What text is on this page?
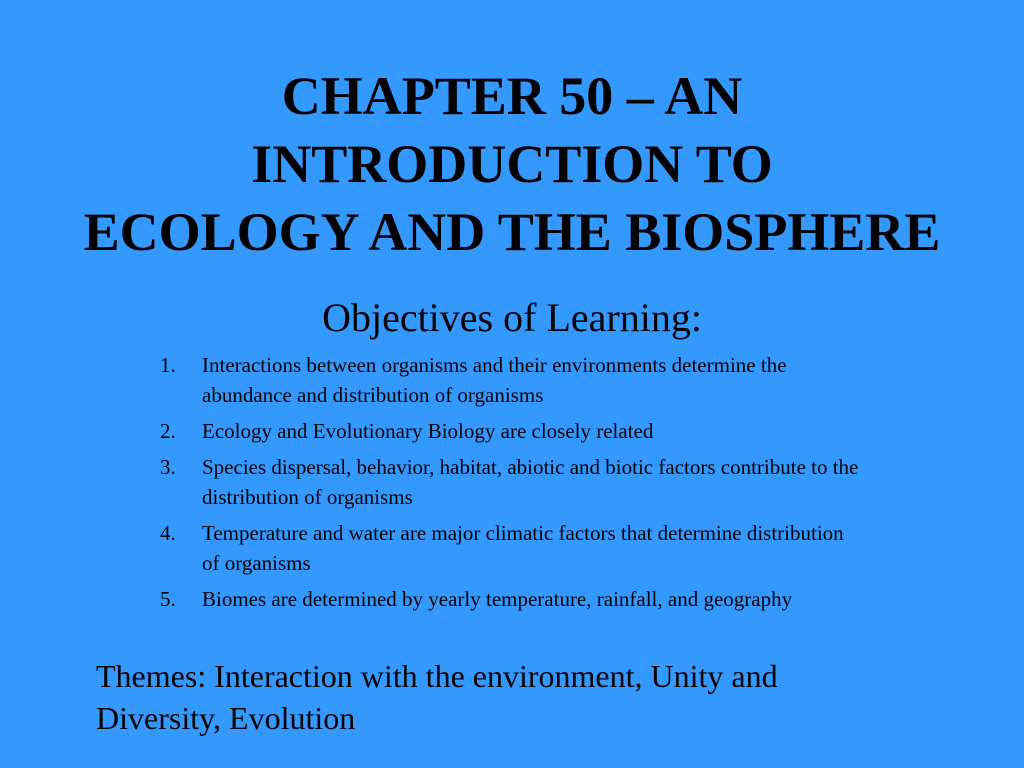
CHAPTER 50 – AN
INTRODUCTION TO
ECOLOGY AND THE BIOSPHERE
Objectives of Learning:
1.	Interactions between organisms and their environments determine the abundance and distribution of organisms
2.	Ecology and Evolutionary Biology are closely related
3.	Species dispersal, behavior, habitat, abiotic and biotic factors contribute to the distribution of organisms
4.	Temperature and water are major climatic factors that determine distribution of organisms
5.	Biomes are determined by yearly temperature, rainfall, and geography

Themes: Interaction with the environment, Unity and Diversity, Evolution
